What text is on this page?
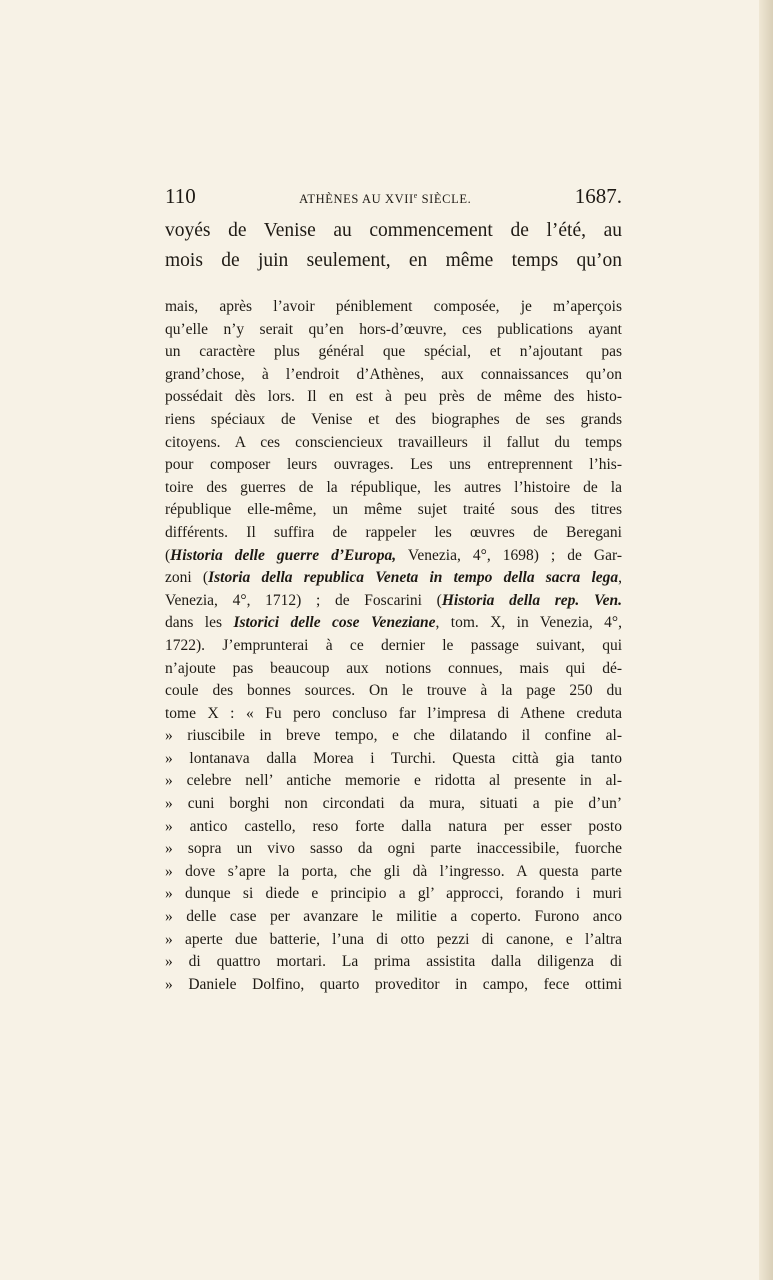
110	ATHÈNES AU XVIIe SIÈCLE.	1687.
voyés de Venise au commencement de l’été, au
mois de juin seulement, en même temps qu’on
mais, après l’avoir péniblement composée, je m’aperçois
qu’elle n’y serait qu’en hors-d’œuvre, ces publications ayant
un caractère plus général que spécial, et n’ajoutant pas
grand’chose, à l’endroit d’Athènes, aux connaissances qu’on
possédait dès lors. Il en est à peu près de même des histo-
riens spéciaux de Venise et des biographes de ses grands
citoyens. A ces consciencieux travailleurs il fallut du temps
pour composer leurs ouvrages. Les uns entreprennent l’his-
toire des guerres de la république, les autres l’histoire de la
république elle-même, un même sujet traité sous des titres
différents. Il suffira de rappeler les œuvres de Beregani
(Historia delle guerre d’Europa, Venezia, 4°, 1698) ; de Gar-
zoni (Istoria della republica Veneta in tempo della sacra lega,
Venezia, 4°, 1712) ; de Foscarini (Historia della rep. Ven.
dans les Istorici delle cose Veneziane, tom. X, in Venezia, 4°,
1722). J’emprunterai à ce dernier le passage suivant, qui
n’ajoute pas beaucoup aux notions connues, mais qui dé-
coule des bonnes sources. On le trouve à la page 250 du
tome X : « Fu pero concluso far l’impresa di Athene creduta
» riuscibile in breve tempo, e che dilatando il confine al-
» lontanava dalla Morea i Turchi. Questa città gia tanto
» celebre nell’ antiche memorie e ridotta al presente in al-
» cuni borghi non circondati da mura, situati a pie d’un’
» antico castello, reso forte dalla natura per esser posto
» sopra un vivo sasso da ogni parte inaccessibile, fuorche
» dove s’apre la porta, che gli dà l’ingresso. A questa parte
» dunque si diede e principio a gl’ approcci, forando i muri
» delle case per avanzare le militie a coperto. Furono anco
» aperte due batterie, l’una di otto pezzi di canone, e l’altra
» di quattro mortari. La prima assistita dalla diligenza di
» Daniele Dolfino, quarto proveditor in campo, fece ottimi
